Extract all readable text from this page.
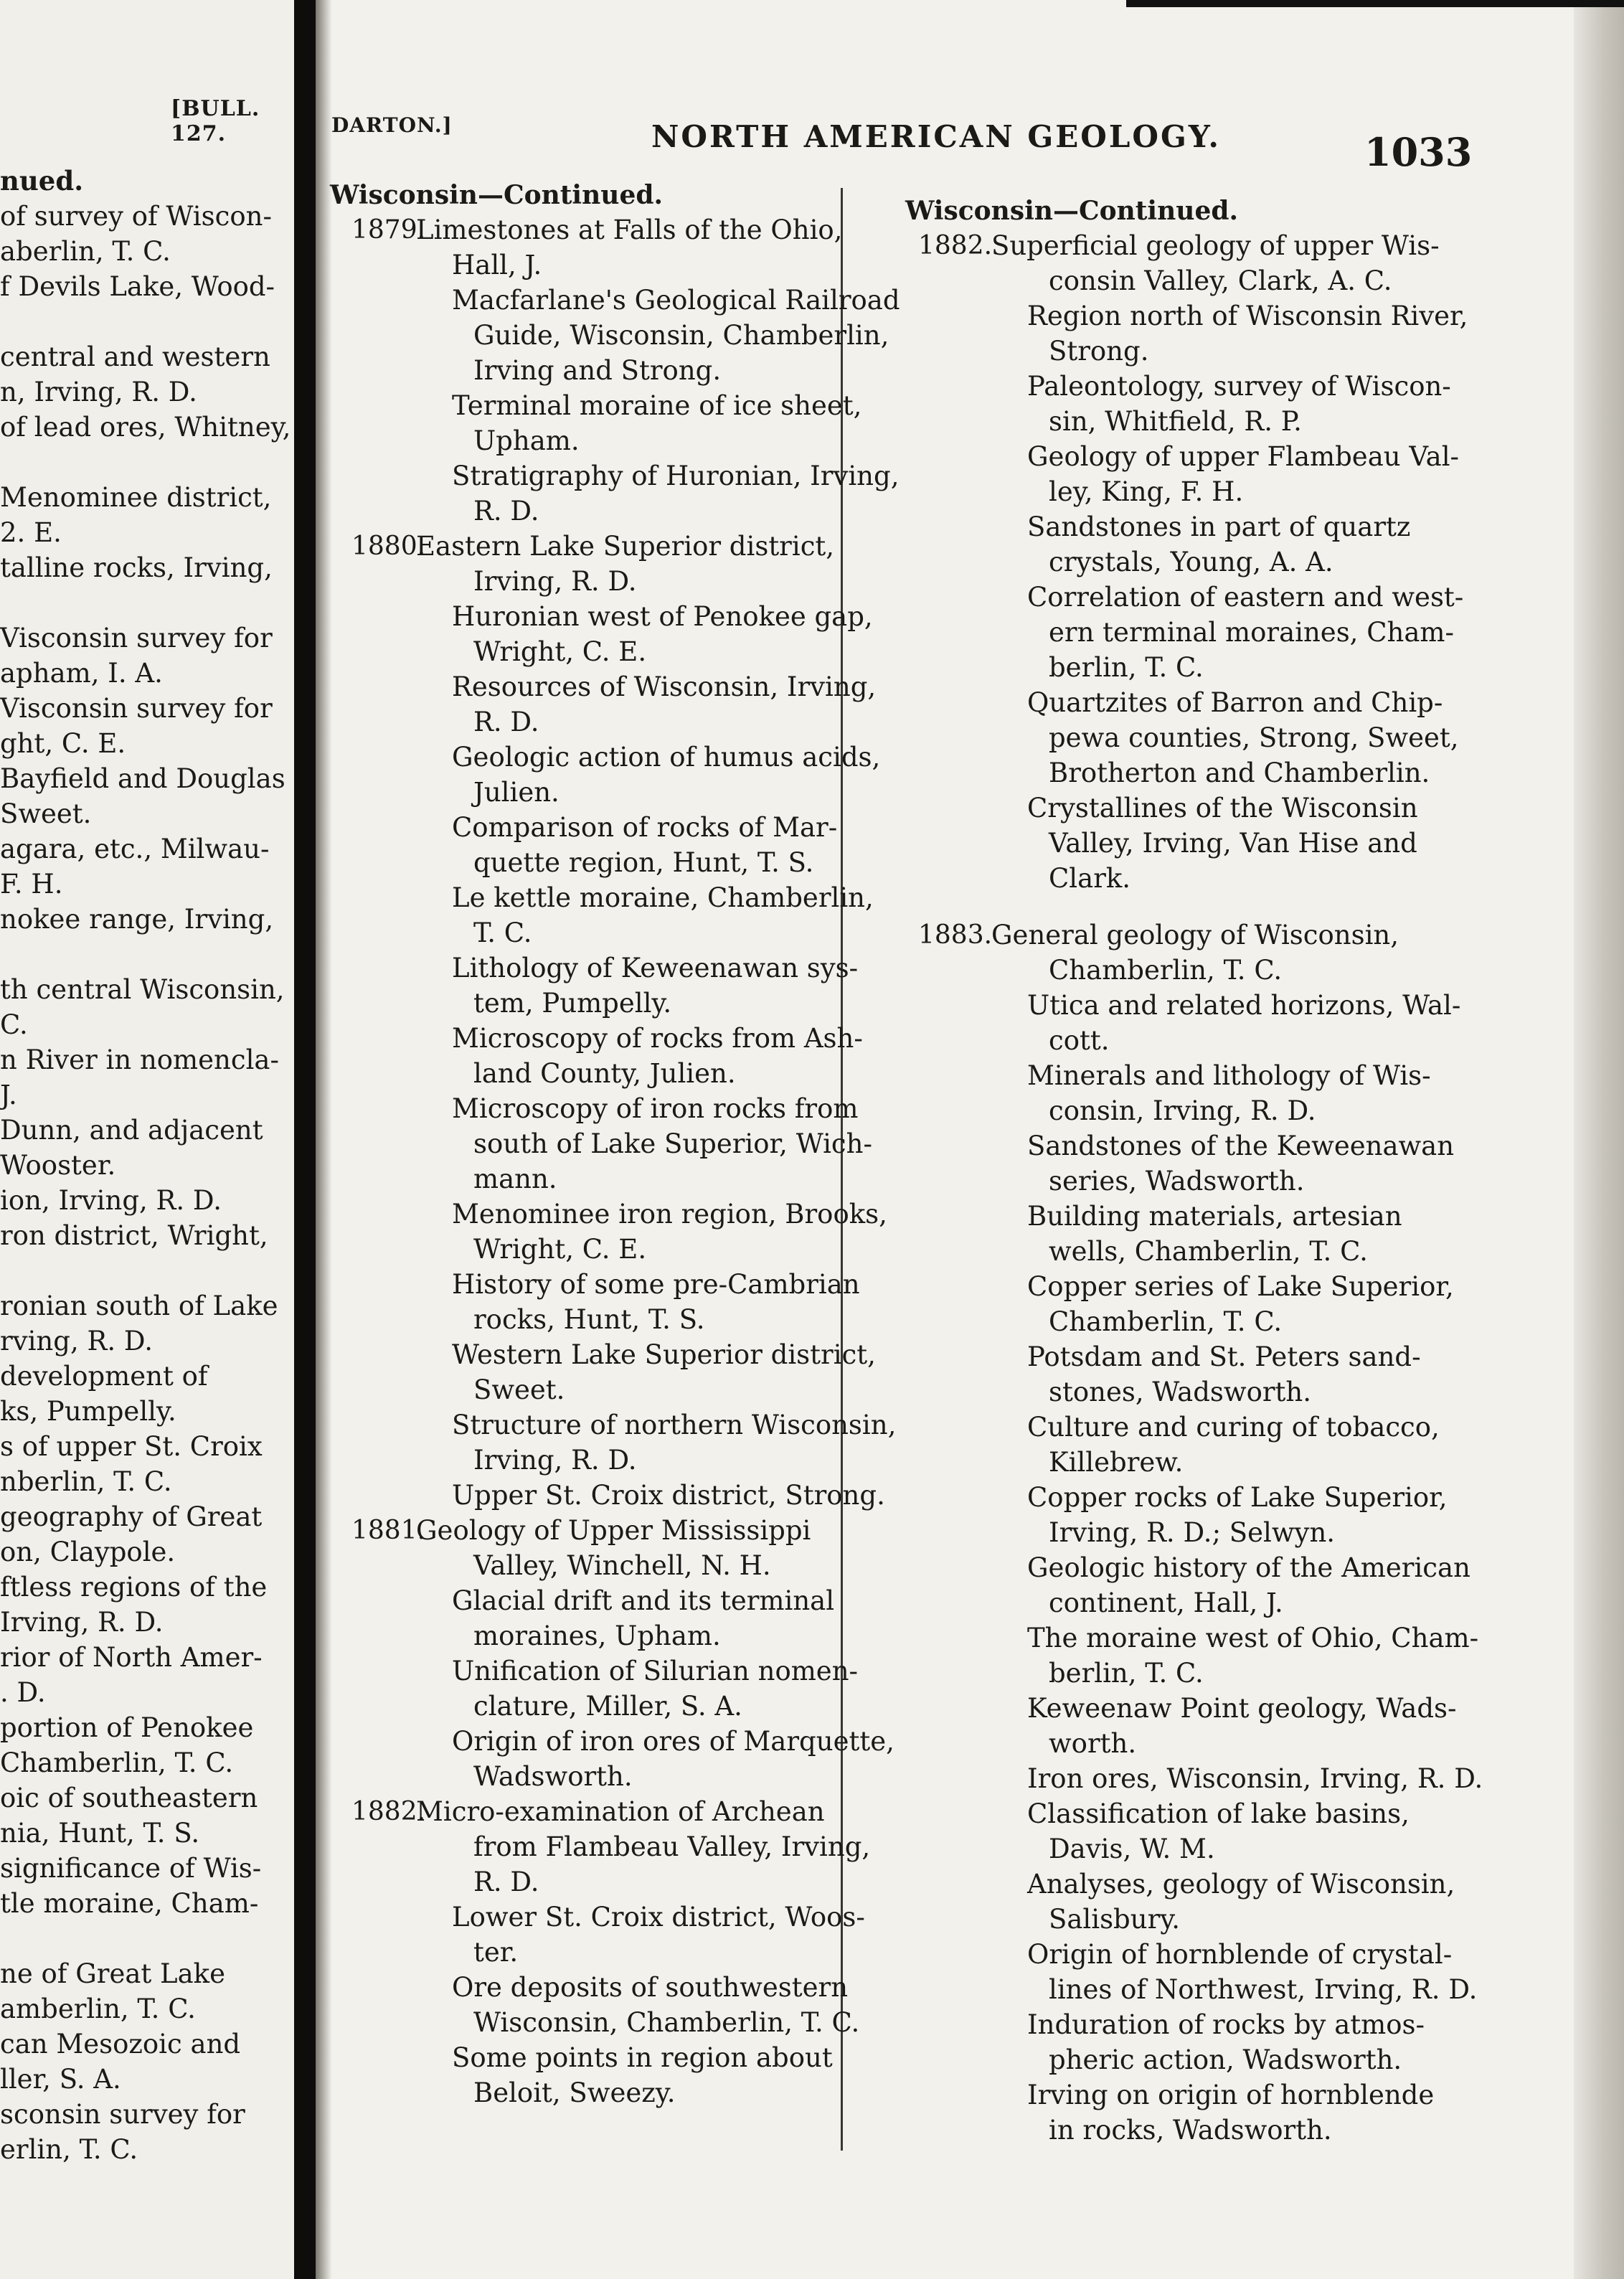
[BULL. 127.
nued.
of survey of Wiscon-
aberlin, T. C.
f Devils Lake, Wood-
central and western
n, Irving, R. D.
of lead ores, Whitney,
Menominee district,
2. E.
talline rocks, Irving,
Visconsin survey for
apham, I. A.
Visconsin survey for
ght, C. E.
Bayfield and Douglas
Sweet.
agara, etc., Milwau-
F. H.
nokee range, Irving,
th central Wisconsin,
C.
n River in nomencla-
J.
Dunn, and adjacent
Wooster.
ion, Irving, R. D.
ron district, Wright,
ronian south of Lake
rving, R. D.
development of
ks, Pumpelly.
s of upper St. Croix
nberlin, T. C.
geography of Great
on, Claypole.
ftless regions of the
Irving, R. D.
rior of North Amer-
. D.
portion of Penokee
Chamberlin, T. C.
oic of southeastern
nia, Hunt, T. S.
significance of Wis-
tle moraine, Cham-
ne of Great Lake
amberlin, T. C.
can Mesozoic and
ller, S. A.
sconsin survey for
erlin, T. C.
DARTON.]	NORTH AMERICAN GEOLOGY.	1033
Wisconsin—Continued.
1879.
Limestones at Falls of the Ohio,
Hall, J.
Macfarlane's Geological Railroad
Guide, Wisconsin, Chamberlin,
Irving and Strong.
Terminal moraine of ice sheet,
Upham.
Stratigraphy of Huronian, Irving,
R. D.
1880.
Eastern Lake Superior district,
Irving, R. D.
Huronian west of Penokee gap,
Wright, C. E.
Resources of Wisconsin, Irving,
R. D.
Geologic action of humus acids,
Julien.
Comparison of rocks of Mar-
quette region, Hunt, T. S.
Le kettle moraine, Chamberlin,
T. C.
Lithology of Keweenawan sys-
tem, Pumpelly.
Microscopy of rocks from Ash-
land County, Julien.
Microscopy of iron rocks from
south of Lake Superior, Wich-
mann.
Menominee iron region, Brooks,
Wright, C. E.
History of some pre-Cambrian
rocks, Hunt, T. S.
Western Lake Superior district,
Sweet.
Structure of northern Wisconsin,
Irving, R. D.
Upper St. Croix district, Strong.
1881.
Geology of Upper Mississippi
Valley, Winchell, N. H.
Glacial drift and its terminal
moraines, Upham.
Unification of Silurian nomen-
clature, Miller, S. A.
Origin of iron ores of Marquette,
Wadsworth.
1882.
Micro-examination of Archean
from Flambeau Valley, Irving,
R. D.
Lower St. Croix district, Woos-
ter.
Ore deposits of southwestern
Wisconsin, Chamberlin, T. C.
Some points in region about
Beloit, Sweezy.
Wisconsin—Continued.
1882.
Superficial geology of upper Wis-
consin Valley, Clark, A. C.
Region north of Wisconsin River,
Strong.
Paleontology, survey of Wiscon-
sin, Whitfield, R. P.
Geology of upper Flambeau Val-
ley, King, F. H.
Sandstones in part of quartz
crystals, Young, A. A.
Correlation of eastern and west-
ern terminal moraines, Cham-
berlin, T. C.
Quartzites of Barron and Chip-
pewa counties, Strong, Sweet,
Brotherton and Chamberlin.
Crystallines of the Wisconsin
Valley, Irving, Van Hise and
Clark.
1883.
General geology of Wisconsin,
Chamberlin, T. C.
Utica and related horizons, Wal-
cott.
Minerals and lithology of Wis-
consin, Irving, R. D.
Sandstones of the Keweenawan
series, Wadsworth.
Building materials, artesian
wells, Chamberlin, T. C.
Copper series of Lake Superior,
Chamberlin, T. C.
Potsdam and St. Peters sand-
stones, Wadsworth.
Culture and curing of tobacco,
Killebrew.
Copper rocks of Lake Superior,
Irving, R. D.; Selwyn.
Geologic history of the American
continent, Hall, J.
The moraine west of Ohio, Cham-
berlin, T. C.
Keweenaw Point geology, Wads-
worth.
Iron ores, Wisconsin, Irving, R. D.
Classification of lake basins,
Davis, W. M.
Analyses, geology of Wisconsin,
Salisbury.
Origin of hornblende of crystal-
lines of Northwest, Irving, R. D.
Induration of rocks by atmos-
pheric action, Wadsworth.
Irving on origin of hornblende
in rocks, Wadsworth.
